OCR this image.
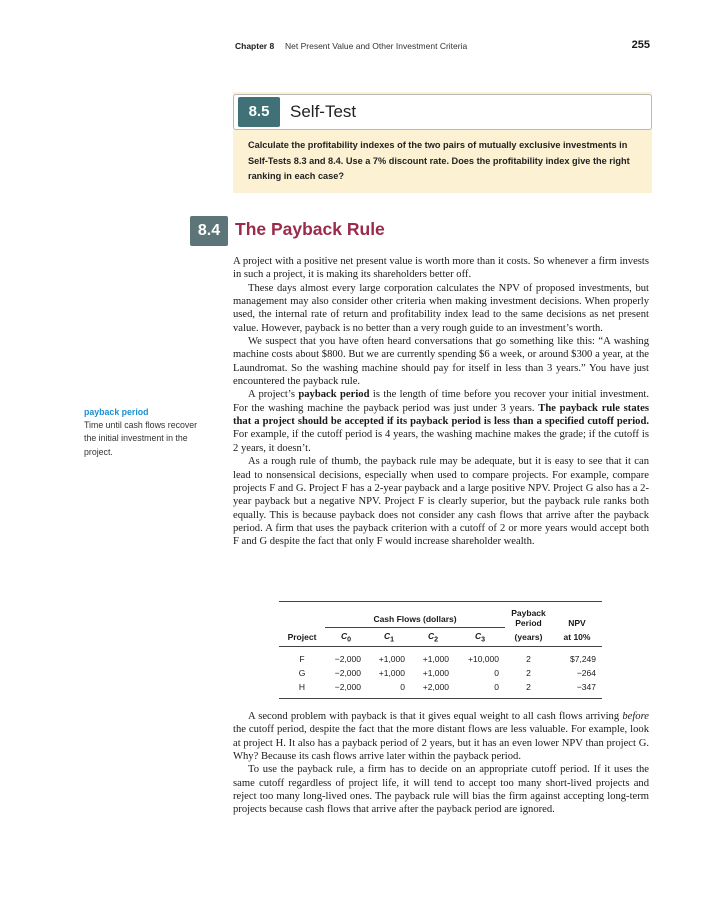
Chapter 8 Net Present Value and Other Investment Criteria	255
8.5	Self-Test
Calculate the profitability indexes of the two pairs of mutually exclusive investments in Self-Tests 8.3 and 8.4. Use a 7% discount rate. Does the profitability index give the right ranking in each case?
8.4 The Payback Rule
payback period
Time until cash flows recover the initial investment in the project.

A project with a positive net present value is worth more than it costs. So whenever a firm invests in such a project, it is making its shareholders better off.

These days almost every large corporation calculates the NPV of proposed investments, but management may also consider other criteria when making investment decisions. When properly used, the internal rate of return and profitability index lead to the same decisions as net present value. However, payback is no better than a very rough guide to an investment’s worth.

We suspect that you have often heard conversations that go something like this: “A washing machine costs about $800. But we are currently spending $6 a week, or around $300 a year, at the Laundromat. So the washing machine should pay for itself in less than 3 years.” You have just encountered the payback rule.

A project’s payback period is the length of time before you recover your initial investment. For the washing machine the payback period was just under 3 years. The payback rule states that a project should be accepted if its payback period is less than a specified cutoff period. For example, if the cutoff period is 4 years, the washing machine makes the grade; if the cutoff is 2 years, it doesn’t.

As a rough rule of thumb, the payback rule may be adequate, but it is easy to see that it can lead to nonsensical decisions, especially when used to compare projects. For example, compare projects F and G. Project F has a 2-year payback and a large positive NPV. Project G also has a 2-year payback but a negative NPV. Project F is clearly superior, but the payback rule ranks both equally. This is because payback does not consider any cash flows that arrive after the payback period. A firm that uses the payback criterion with a cutoff of 2 or more years would accept both F and G despite the fact that only F would increase shareholder wealth.

	Cash Flows (dollars)				Payback
Period	NPV
Project	$C_0$	$C_1$	$C_2$	$C_3$	(years)	at 10%
F	−2,000	+1,000	+1,000	+10,000	2	$7,249
G	−2,000	+1,000	+1,000	0	2	−264
H	−2,000	0	+2,000	0	2	−347

A second problem with payback is that it gives equal weight to all cash flows arriving before the cutoff period, despite the fact that the more distant flows are less valuable. For example, look at project H. It also has a payback period of 2 years, but it has an even lower NPV than project G. Why? Because its cash flows arrive later within the payback period.

To use the payback rule, a firm has to decide on an appropriate cutoff period. If it uses the same cutoff regardless of project life, it will tend to accept too many short-lived projects and reject too many long-lived ones. The payback rule will bias the firm against accepting long-term projects because cash flows that arrive after the payback period are ignored.
